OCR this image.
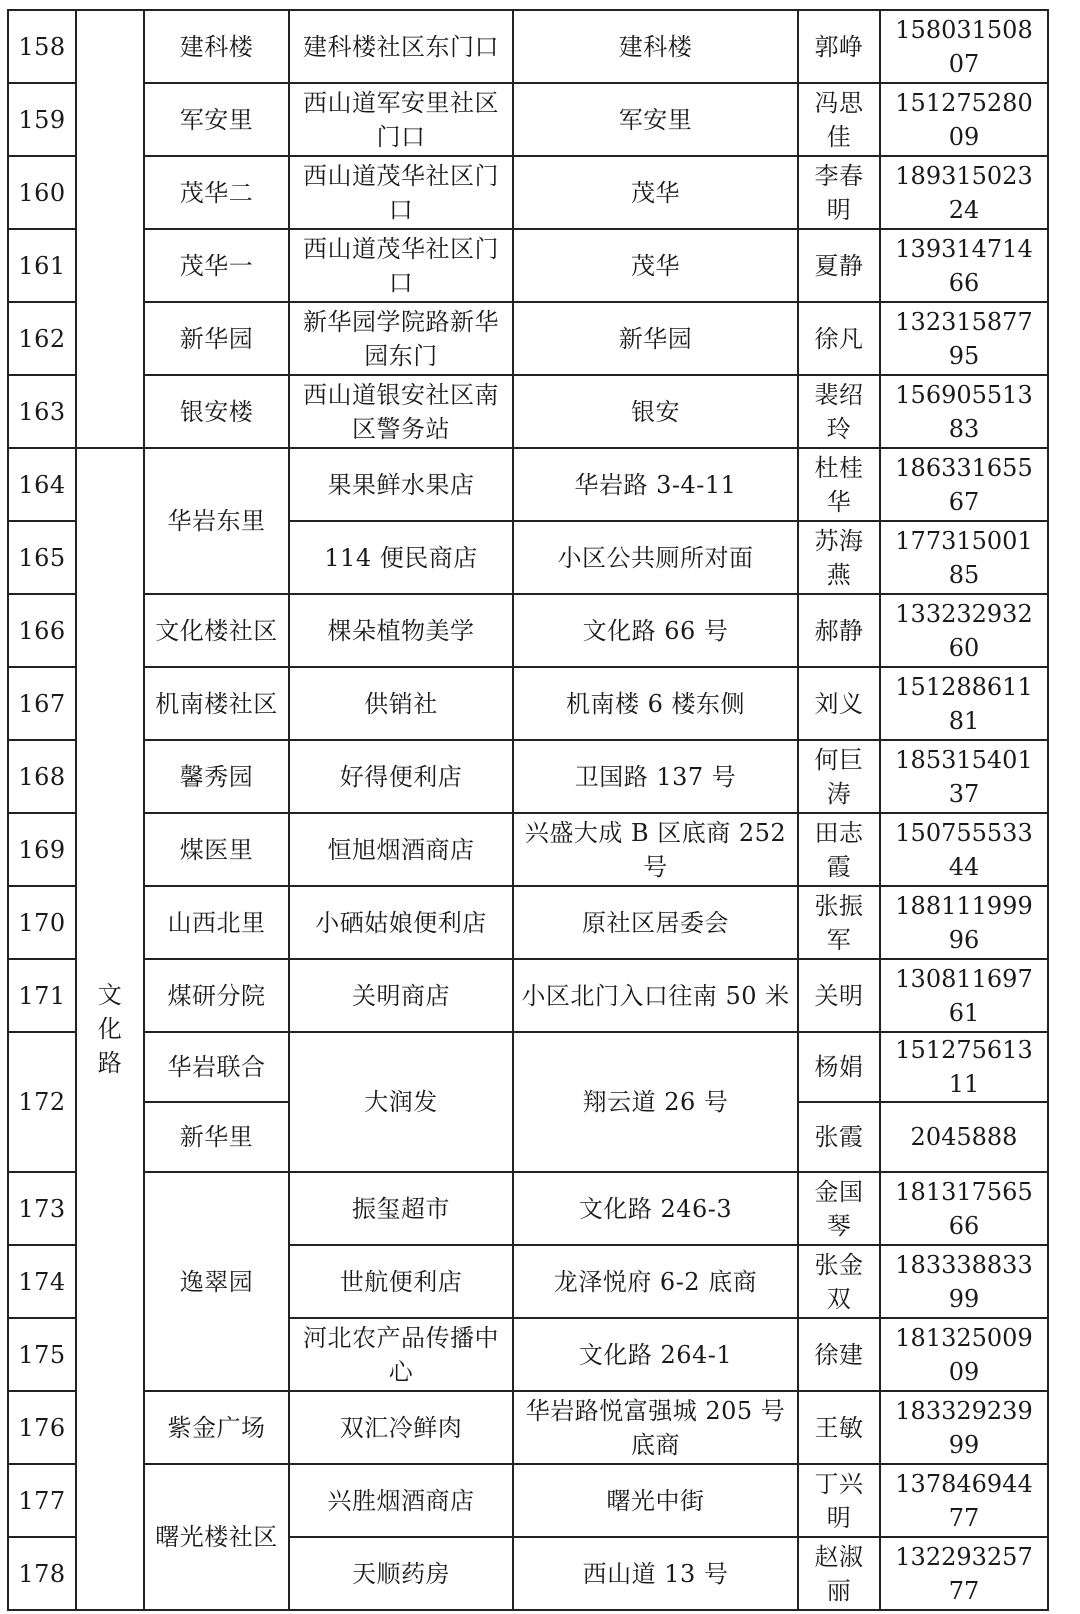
158		建科楼	建科楼社区东门口	建科楼	郭峥	15803150807
159		军安里	西山道军安里社区门口	军安里	冯思佳	15127528009
160		茂华二	西山道茂华社区门口	茂华	李春明	18931502324
161		茂华一	西山道茂华社区门口	茂华	夏静	13931471466
162		新华园	新华园学院路新华园东门	新华园	徐凡	13231587795
163		银安楼	西山道银安社区南区警务站	银安	裴绍玲	15690551383
164	文化路	华岩东里	果果鲜水果店	华岩路 3-4-11	杜桂华	18633165567
165			114 便民商店	小区公共厕所对面	苏海燕	17731500185
166		文化楼社区	棵朵植物美学	文化路 66 号	郝静	13323293260
167		机南楼社区	供销社	机南楼 6 楼东侧	刘义	15128861181
168		馨秀园	好得便利店	卫国路 137 号	何巨涛	18531540137
169		煤医里	恒旭烟酒商店	兴盛大成 B 区底商 252 号	田志霞	15075553344
170		山西北里	小硒姑娘便利店	原社区居委会	张振军	18811199996
171		煤研分院	关明商店	小区北门入口往南 50 米	关明	13081169761
172		华岩联合	大润发	翔云道 26 号	杨娟	15127561311
		新华里			张霞	2045888
173		逸翠园	振玺超市	文化路 246-3	金国琴	18131756566
174			世航便利店	龙泽悦府 6-2 底商	张金双	18333883399
175			河北农产品传播中心	文化路 264-1	徐建	18132500909
176		紫金广场	双汇冷鲜肉	华岩路悦富强城 205 号底商	王敏	18332923999
177		曙光楼社区	兴胜烟酒商店	曙光中街	丁兴明	13784694477
178			天顺药房	西山道 13 号	赵淑丽	13229325777
